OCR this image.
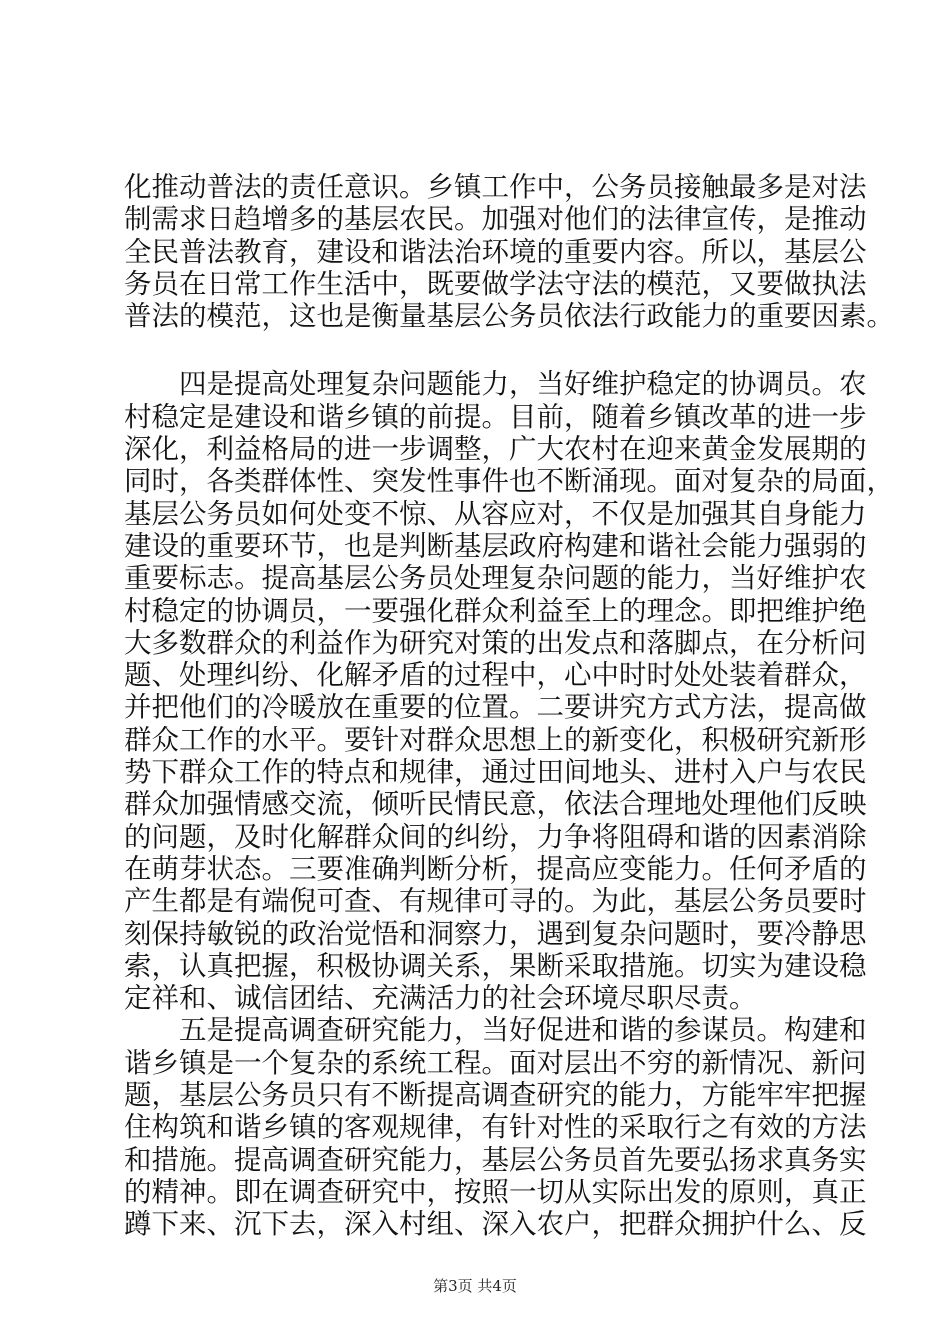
化推动普法的责任意识。乡镇工作中，公务员接触最多是对法
制需求日趋增多的基层农民。加强对他们的法律宣传，是推动
全民普法教育，建设和谐法治环境的重要内容。所以，基层公
务员在日常工作生活中，既要做学法守法的模范，又要做执法
普法的模范，这也是衡量基层公务员依法行政能力的重要因素。
　　四是提高处理复杂问题能力，当好维护稳定的协调员。农
村稳定是建设和谐乡镇的前提。目前，随着乡镇改革的进一步
深化，利益格局的进一步调整，广大农村在迎来黄金发展期的
同时，各类群体性、突发性事件也不断涌现。面对复杂的局面，
基层公务员如何处变不惊、从容应对，不仅是加强其自身能力
建设的重要环节，也是判断基层政府构建和谐社会能力强弱的
重要标志。提高基层公务员处理复杂问题的能力，当好维护农
村稳定的协调员，一要强化群众利益至上的理念。即把维护绝
大多数群众的利益作为研究对策的出发点和落脚点，在分析问
题、处理纠纷、化解矛盾的过程中，心中时时处处装着群众，
并把他们的冷暖放在重要的位置。二要讲究方式方法，提高做
群众工作的水平。要针对群众思想上的新变化，积极研究新形
势下群众工作的特点和规律，通过田间地头、进村入户与农民
群众加强情感交流，倾听民情民意，依法合理地处理他们反映
的问题，及时化解群众间的纠纷，力争将阻碍和谐的因素消除
在萌芽状态。三要准确判断分析，提高应变能力。任何矛盾的
产生都是有端倪可查、有规律可寻的。为此，基层公务员要时
刻保持敏锐的政治觉悟和洞察力，遇到复杂问题时，要冷静思
索，认真把握，积极协调关系，果断采取措施。切实为建设稳
定祥和、诚信团结、充满活力的社会环境尽职尽责。
　　五是提高调查研究能力，当好促进和谐的参谋员。构建和
谐乡镇是一个复杂的系统工程。面对层出不穷的新情况、新问
题，基层公务员只有不断提高调查研究的能力，方能牢牢把握
住构筑和谐乡镇的客观规律，有针对性的采取行之有效的方法
和措施。提高调查研究能力，基层公务员首先要弘扬求真务实
的精神。即在调查研究中，按照一切从实际出发的原则，真正
蹲下来、沉下去，深入村组、深入农户，把群众拥护什么、反
第3页 共4页
